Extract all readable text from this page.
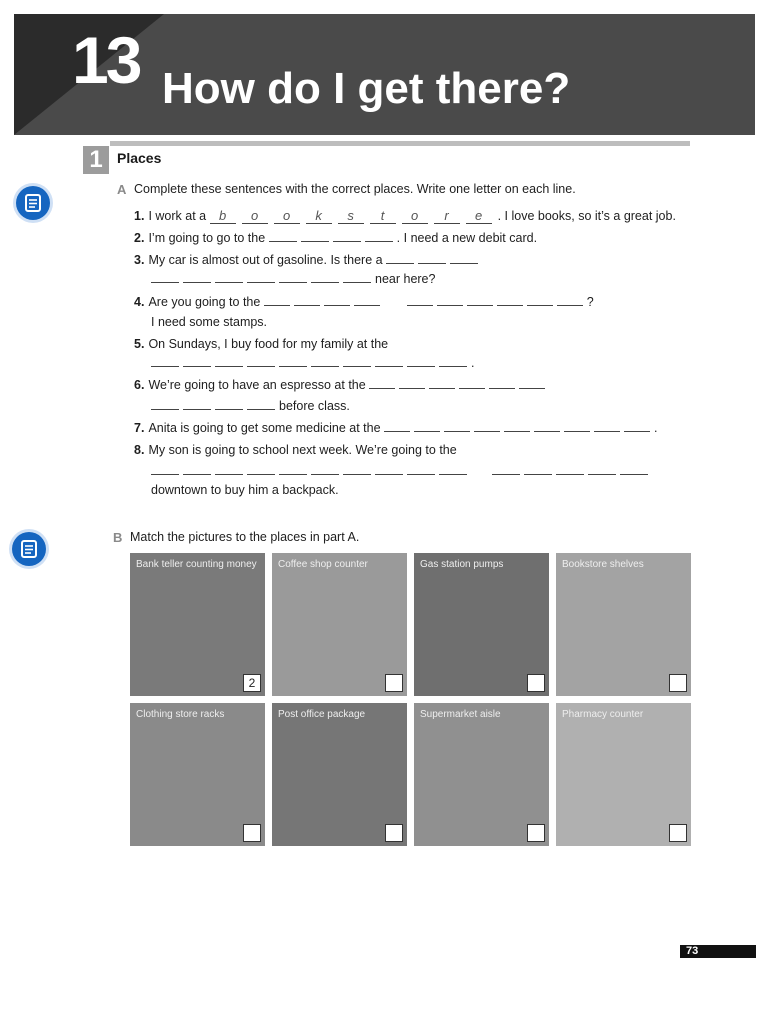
13 How do I get there?
1	Places
A Complete these sentences with the correct places. Write one letter on each line.
1. I work at a b o o k s t o r e . I love books, so it’s a great job.
2. I’m going to go to the	. I need a new debit card.
3. My car is almost out of gasoline. Is there a
near here?
4. Are you going to the	?
I need some stamps.
5. On Sundays, I buy food for my family at the
.
6. We’re going to have an espresso at the
before class.
7. Anita is going to get some medicine at the	.
8. My son is going to school next week. We’re going to the

downtown to buy him a backpack.
B Match the pictures to the places in part A.
Bank teller counting money
2
Coffee shop counter	Gas station pumps	Bookstore shelves
Clothing store racks	Post office package	Supermarket aisle	Pharmacy counter
73
